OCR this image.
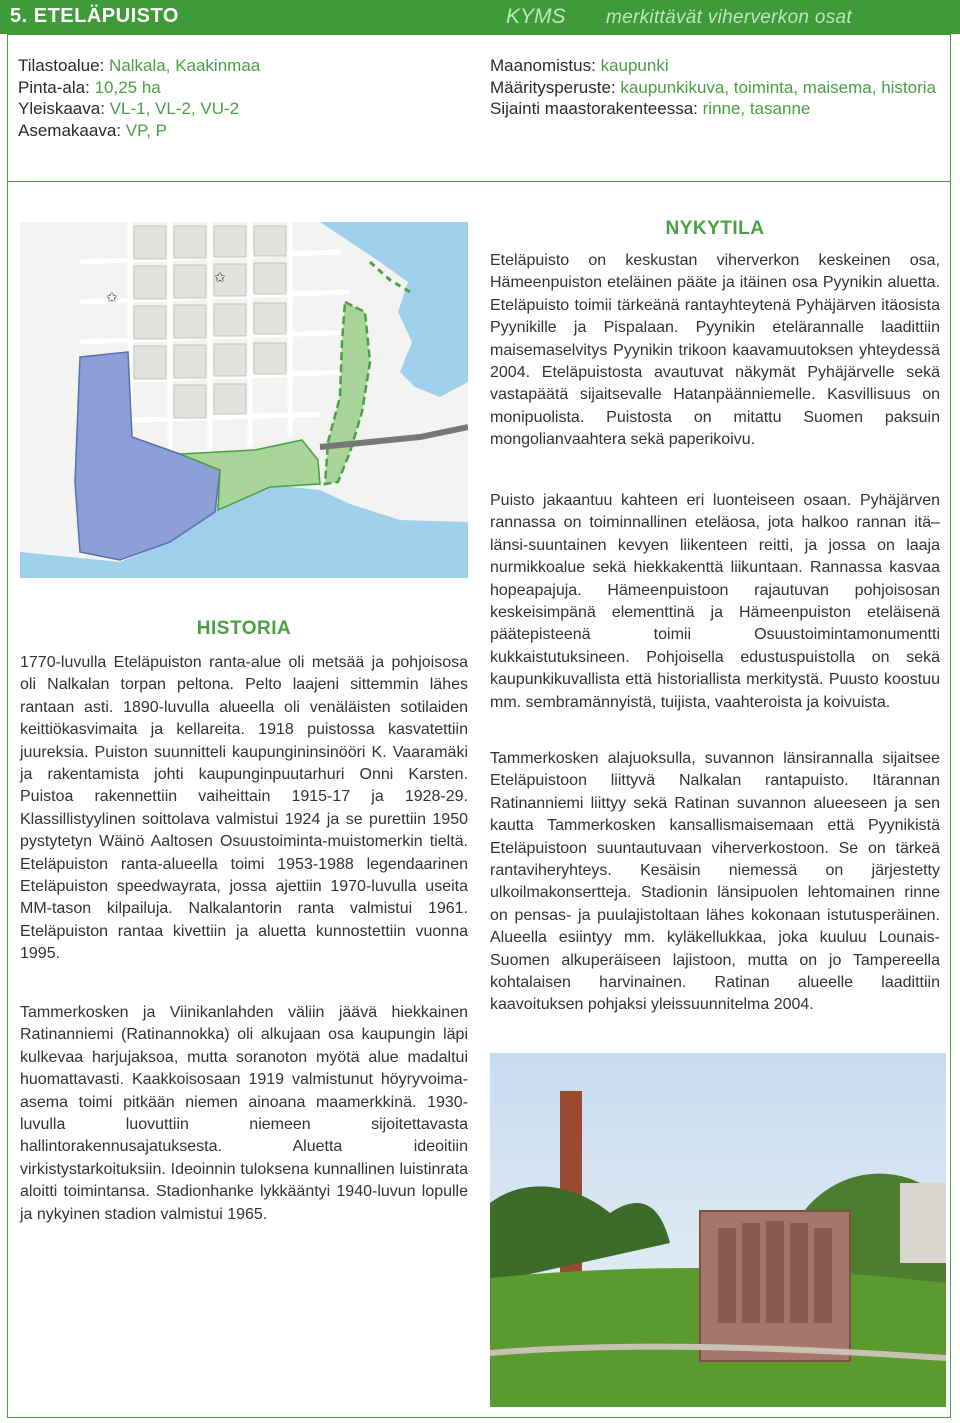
5. ETELÄPUISTO	KYMS merkittävät viherverkon osat
Tilastoalue: Nalkala, Kaakinmaa
Pinta-ala: 10,25 ha
Yleiskaava: VL-1, VL-2, VU-2
Asemakaava: VP, P
Maanomistus: kaupunki
Määritysperuste: kaupunkikuva, toiminta, maisema, historia
Sijainti maastorakenteessa: rinne, tasanne
✩
✩
HISTORIA

1770-luvulla Eteläpuiston ranta-alue oli metsää ja pohjoisosa oli Nalkalan torpan peltona. Pelto laajeni sittemmin lähes rantaan asti. 1890-luvulla alueella oli venäläisten sotilaiden keittiökasvimaita ja kellareita. 1918 puistossa kasvatettiin juureksia. Puiston suunnitteli kaupungininsinööri K. Vaaramäki ja rakentamista johti kaupunginpuutarhuri Onni Karsten. Puistoa rakennettiin vaiheittain 1915-17 ja 1928-29. Klassillistyylinen soittolava valmistui 1924 ja se purettiin 1950 pystytetyn Wäinö Aaltosen Osuustoiminta-muistomerkin tieltä. Eteläpuiston ranta-alueella toimi 1953-1988 legendaarinen Eteläpuiston speedwayrata, jossa ajettiin 1970-luvulla useita MM-tason kilpailuja. Nalkalantorin ranta valmistui 1961. Eteläpuiston rantaa kivettiin ja aluetta kunnostettiin vuonna 1995.

Tammerkosken ja Viinikanlahden väliin jäävä hiekkainen Ratinanniemi (Ratinannokka) oli alkujaan osa kaupungin läpi kulkevaa harjujaksoa, mutta soranoton myötä alue madaltui huomattavasti. Kaakkoisosaan 1919 valmistunut höyryvoima-asema toimi pitkään niemen ainoana maamerkkinä. 1930-luvulla luovuttiin niemeen sijoitettavasta hallintorakennusajatuksesta. Aluetta ideoitiin virkistystarkoituksiin. Ideoinnin tuloksena kunnallinen luistinrata aloitti toimintansa. Stadionhanke lykkääntyi 1940-luvun lopulle ja nykyinen stadion valmistui 1965.

NYKYTILA

Eteläpuisto on keskustan viherverkon keskeinen osa, Hämeenpuiston eteläinen pääte ja itäinen osa Pyynikin aluetta. Eteläpuisto toimii tärkeänä rantayhteytenä Pyhäjärven itäosista Pyynikille ja Pispalaan. Pyynikin etelärannalle laadittiin maisemaselvitys Pyynikin trikoon kaavamuutoksen yhteydessä 2004. Eteläpuistosta avautuvat näkymät Pyhäjärvelle sekä vastapäätä sijaitsevalle Hatanpäänniemelle. Kasvillisuus on monipuolista. Puistosta on mitattu Suomen paksuin mongolianvaahtera sekä paperikoivu.

Puisto jakaantuu kahteen eri luonteiseen osaan. Pyhäjärven rannassa on toiminnallinen eteläosa, jota halkoo rannan itä–länsi-suuntainen kevyen liikenteen reitti, ja jossa on laaja nurmikkoalue sekä hiekkakenttä liikuntaan. Rannassa kasvaa hopeapajuja. Hämeenpuistoon rajautuvan pohjoisosan keskeisimpänä elementtinä ja Hämeenpuiston eteläisenä päätepisteenä toimii Osuustoimintamonumentti kukkaistutuksineen. Pohjoisella edustuspuistolla on sekä kaupunkikuvallista että historiallista merkitystä. Puusto koostuu mm. sembramännyistä, tuijista, vaahteroista ja koivuista.

Tammerkosken alajuoksulla, suvannon länsirannalla sijaitsee Eteläpuistoon liittyvä Nalkalan rantapuisto. Itärannan Ratinanniemi liittyy sekä Ratinan suvannon alueeseen ja sen kautta Tammerkosken kansallismaisemaan että Pyynikistä Eteläpuistoon suuntautuvaan viherverkostoon. Se on tärkeä rantaviheryhteys. Kesäisin niemessä on järjestetty ulkoilmakonsertteja. Stadionin länsipuolen lehtomainen rinne on pensas- ja puulajistoltaan lähes kokonaan istutusperäinen. Alueella esiintyy mm. kyläkellukkaa, joka kuuluu Lounais-Suomen alkuperäiseen lajistoon, mutta on jo Tampereella kohtalaisen harvinainen. Ratinan alueelle laadittiin kaavoituksen pohjaksi yleissuunnitelma 2004.
